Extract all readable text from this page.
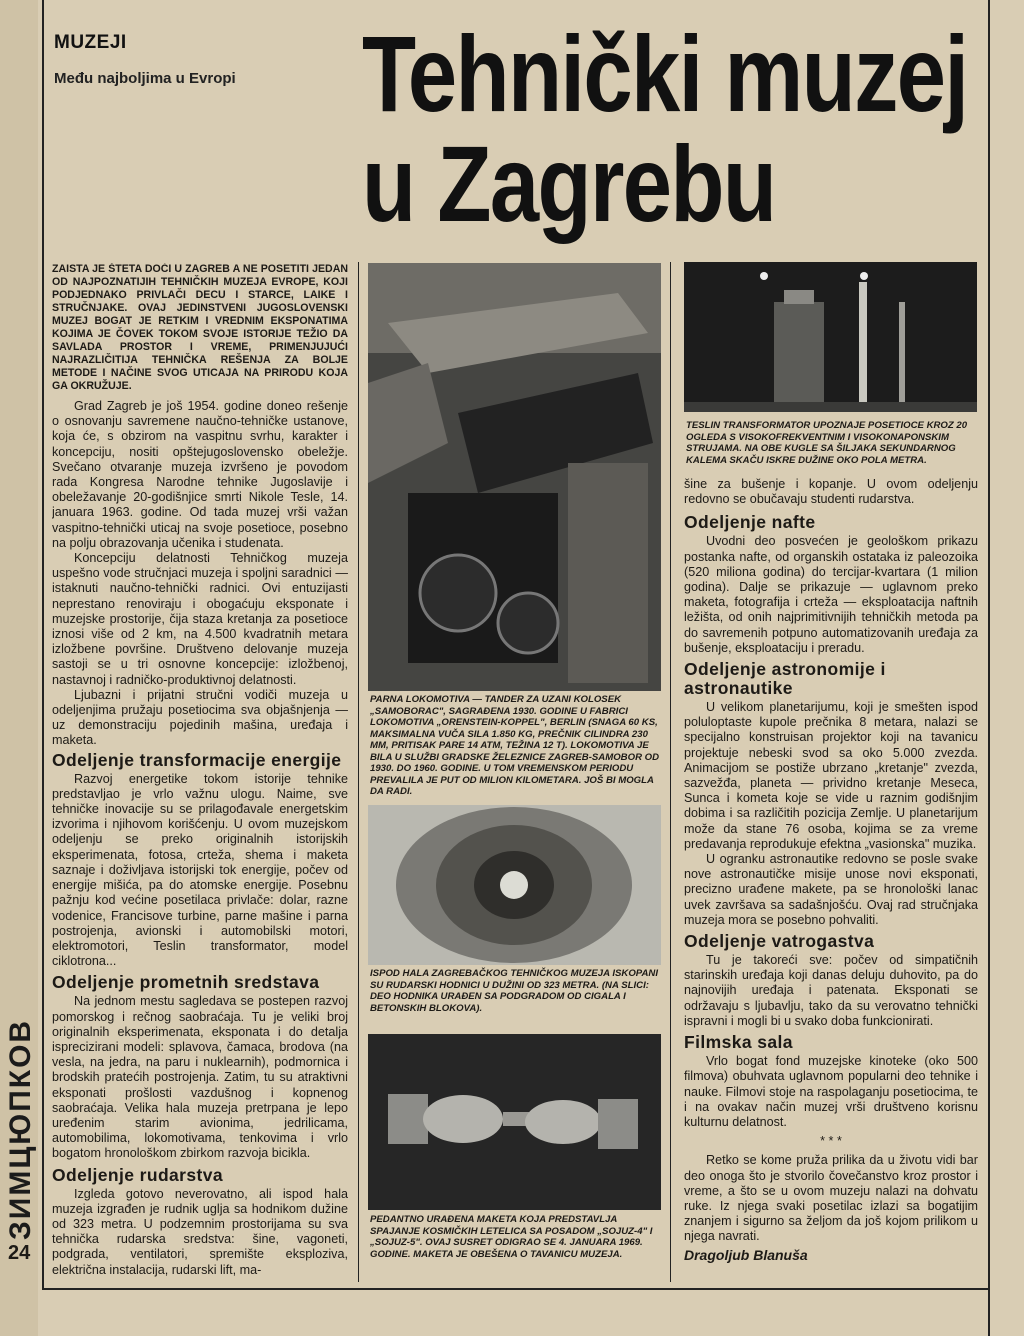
ЗИМЦЮПКОВ
24
MUZEJI
Među najboljima u Evropi Tehnički muzej
u Zagrebu
ZAISTA JE ŠTETA DOĆI U ZAGREB A NE POSETITI JEDAN OD NAJPOZNATIJIH TEHNIČKIH MUZEJA EVROPE, KOJI PODJEDNAKO PRIVLAČI DECU I STARCE, LAIKE I STRUČNJAKE. OVAJ JEDINSTVENI JUGOSLOVENSKI MUZEJ BOGAT JE RETKIM I VREDNIM EKSPONATIMA KOJIMA JE ČOVEK TOKOM SVOJE ISTORIJE TEŽIO DA SAVLADA PROSTOR I VREME, PRIMENJUJUĆI NAJRAZLIČITIJA TEHNIČKA REŠENJA ZA BOLJE METODE I NAČINE SVOG UTICAJA NA PRIRODU KOJA GA OKRUŽUJE.
Grad Zagreb je još 1954. godine doneo rešenje o osnovanju savremene naučno-tehničke ustanove, koja će, s obzirom na vaspitnu svrhu, karakter i koncepciju, nositi opštejugoslovensko obeležje. Svečano otvaranje muzeja izvršeno je povodom rada Kongresa Narodne tehnike Jugoslavije i obeležavanje 20-godišnjice smrti Nikole Tesle, 14. januara 1963. godine. Od tada muzej vrši važan vaspitno-tehnički uticaj na svoje posetioce, posebno na polju obrazovanja učenika i studenata.
Koncepciju delatnosti Tehničkog muzeja uspešno vode stručnjaci muzeja i spoljni saradnici — istaknuti naučno-tehnički radnici. Ovi entuzijasti neprestano renoviraju i obogaćuju eksponate i muzejske prostorije, čija staza kretanja za posetioce iznosi više od 2 km, na 4.500 kvadratnih metara izložbene površine. Društveno delovanje muzeja sastoji se u tri osnovne koncepcije: izložbenoj, nastavnoj i radničko-produktivnoj delatnosti.
Ljubazni i prijatni stručni vodiči muzeja u odeljenjima pružaju posetiocima sva objašnjenja — uz demonstraciju pojedinih mašina, uređaja i maketa.
Odeljenje transformacije energije
Razvoj energetike tokom istorije tehnike predstavljao je vrlo važnu ulogu. Naime, sve tehničke inovacije su se prilagođavale energetskim izvorima i njihovom korišćenju. U ovom muzejskom odeljenju se preko originalnih istorijskih eksperimenata, fotosa, crteža, shema i maketa saznaje i doživljava istorijski tok energije, počev od energije mišića, pa do atomske energije. Posebnu pažnju kod većine posetilaca privlače: dolar, razne vodenice, Francisove turbine, parne mašine i parna postrojenja, avionski i automobilski motori, elektromotori, Teslin transformator, model ciklotrona...
Odeljenje prometnih sredstava
Na jednom mestu sagledava se postepen razvoj pomorskog i rečnog saobraćaja. Tu je veliki broj originalnih eksperimenata, eksponata i do detalja isprecizirani modeli: splavova, čamaca, brodova (na vesla, na jedra, na paru i nuklearnih), podmornica i brodskih pratećih postrojenja. Zatim, tu su atraktivni eksponati prošlosti vazdušnog i kopnenog saobraćaja. Velika hala muzeja pretrpana je lepo uređenim starim avionima, jedrilicama, automobilima, lokomotivama, tenkovima i vrlo bogatom hronološkom zbirkom razvoja bicikla.
Odeljenje rudarstva
Izgleda gotovo neverovatno, ali ispod hala muzeja izgrađen je rudnik uglja sa hodnikom dužine od 323 metra. U podzemnim prostorijama su sva tehnička rudarska sredstva: šine, vagoneti, podgrada, ventilatori, spremište eksploziva, električna instalacija, rudarski lift, ma-
PARNA LOKOMOTIVA — TANDER ZA UZANI KOLOSEK „SAMOBORAC", SAGRAĐENA 1930. GODINE U FABRICI LOKOMOTIVA „ORENSTEIN-KOPPEL", BERLIN (SNAGA 60 KS, MAKSIMALNA VUČA SILA 1.850 KG, PREČNIK CILINDRA 230 MM, PRITISAK PARE 14 ATM, TEŽINA 12 T). LOKOMOTIVA JE BILA U SLUŽBI GRADSKE ŽELEZNICE ZAGREB-SAMOBOR OD 1930. DO 1960. GODINE. U TOM VREMENSKOM PERIODU PREVALILA JE PUT OD MILION KILOMETARA. JOŠ BI MOGLA DA RADI.
ISPOD HALA ZAGREBAČKOG TEHNIČKOG MUZEJA ISKOPANI SU RUDARSKI HODNICI U DUŽINI OD 323 METRA. (NA SLICI: DEO HODNIKA URAĐEN SA PODGRADOM OD CIGALA I BETONSKIH BLOKOVA).
PEDANTNO URAĐENA MAKETA KOJA PREDSTAVLJA SPAJANJE KOSMIČKIH LETELICA SA POSADOM „SOJUZ-4" I „SOJUZ-5". OVAJ SUSRET ODIGRAO SE 4. JANUARA 1969. GODINE. MAKETA JE OBEŠENA O TAVANICU MUZEJA.
TESLIN TRANSFORMATOR UPOZNAJE POSETIOCE KROZ 20 OGLEDA S VISOKOFREKVENTNIM I VISOKONAPONSKIM STRUJAMA. NA OBE KUGLE SA ŠILJAKA SEKUNDARNOG KALEMA SKAČU ISKRE DUŽINE OKO POLA METRA.
šine za bušenje i kopanje. U ovom odeljenju redovno se obučavaju studenti rudarstva.
Odeljenje nafte
Uvodni deo posvećen je geološkom prikazu postanka nafte, od organskih ostataka iz paleozoika (520 miliona godina) do tercijar-kvartara (1 milion godina). Dalje se prikazuje — uglavnom preko maketa, fotografija i crteža — eksploatacija naftnih ležišta, od onih najprimitivnijih tehničkih metoda pa do savremenih potpuno automatizovanih uređaja za bušenje, eksploataciju i preradu.
Odeljenje astronomije i astronautike
U velikom planetarijumu, koji je smešten ispod poluloptaste kupole prečnika 8 metara, nalazi se specijalno konstruisan projektor koji na tavanicu projektuje nebeski svod sa oko 5.000 zvezda. Animacijom se postiže ubrzano „kretanje" zvezda, sazvežđa, planeta — prividno kretanje Meseca, Sunca i kometa koje se vide u raznim godišnjim dobima i sa različitih pozicija Zemlje. U planetarijum može da stane 76 osoba, kojima se za vreme predavanja reprodukuje efektna „vasionska" muzika.
U ogranku astronautike redovno se posle svake nove astronautičke misije unose novi eksponati, precizno urađene makete, pa se hronološki lanac uvek završava sa sadašnjošću. Ovaj rad stručnjaka muzeja mora se posebno pohvaliti.
Odeljenje vatrogastva
Tu je takoreći sve: počev od simpatičnih starinskih uređaja koji danas deluju duhovito, pa do najnovijih uređaja i patenata. Eksponati se održavaju s ljubavlju, tako da su verovatno tehnički ispravni i mogli bi u svako doba funkcionirati.
Filmska sala
Vrlo bogat fond muzejske kinoteke (oko 500 filmova) obuhvata uglavnom popularni deo tehnike i nauke. Filmovi stoje na raspolaganju posetiocima, te i na ovakav način muzej vrši društveno korisnu kulturnu delatnost.
* * *
Retko se kome pruža prilika da u životu vidi bar deo onoga što je stvorilo čovečanstvo kroz prostor i vreme, a što se u ovom muzeju nalazi na dohvatu ruke. Iz njega svaki posetilac izlazi sa bogatijim znanjem i sigurno sa željom da još kojom prilikom u njega navrati.
Dragoljub Blanuša
